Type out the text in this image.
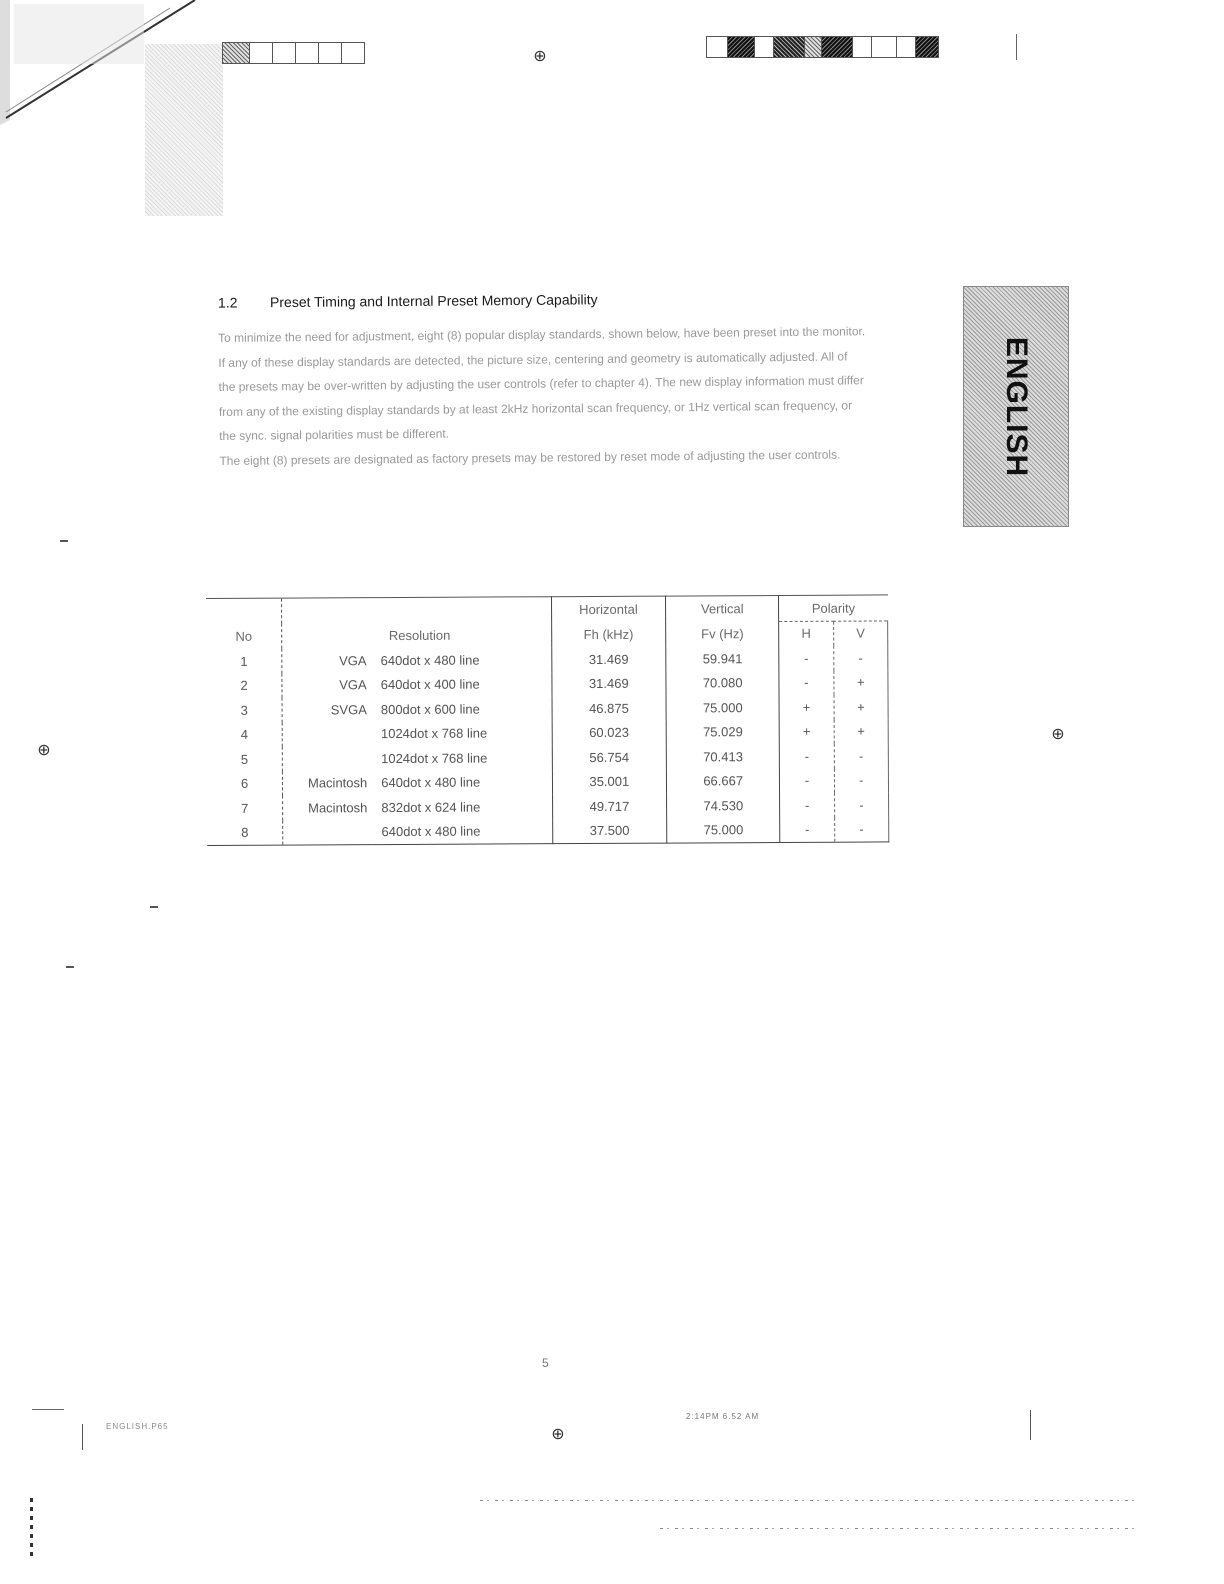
⊕
ENGLISH
1.2	Preset Timing and Internal Preset Memory Capability

To minimize the need for adjustment, eight (8) popular display standards, shown below, have been preset into the monitor. If any of these display standards are detected, the picture size, centering and geometry is automatically adjusted. All of the presets may be over-written by adjusting the user controls (refer to chapter 4). The new display information must differ from any of the existing display standards by at least 2kHz horizontal scan frequency, or 1Hz vertical scan frequency, or the sync. signal polarities must be different.

The eight (8) presets are designated as factory presets may be restored by reset mode of adjusting the user controls.

			Horizontal	Vertical	Polarity	
No	Resolution		Fh (kHz)	Fv (Hz)	H	V
1	VGA	640dot x 480 line	31.469	59.941	-	-
2	VGA	640dot x 400 line	31.469	70.080	-	+
3	SVGA	800dot x 600 line	46.875	75.000	+	+
4		1024dot x 768 line	60.023	75.029	+	+
5		1024dot x 768 line	56.754	70.413	-	-
6	Macintosh	640dot x 480 line	35.001	66.667	-	-
7	Macintosh	832dot x 624 line	49.717	74.530	-	-
8		640dot x 480 line	37.500	75.000	-	-
⊕
⊕
5
ENGLISH.P65	⊕
2:14PM 6.52 AM
